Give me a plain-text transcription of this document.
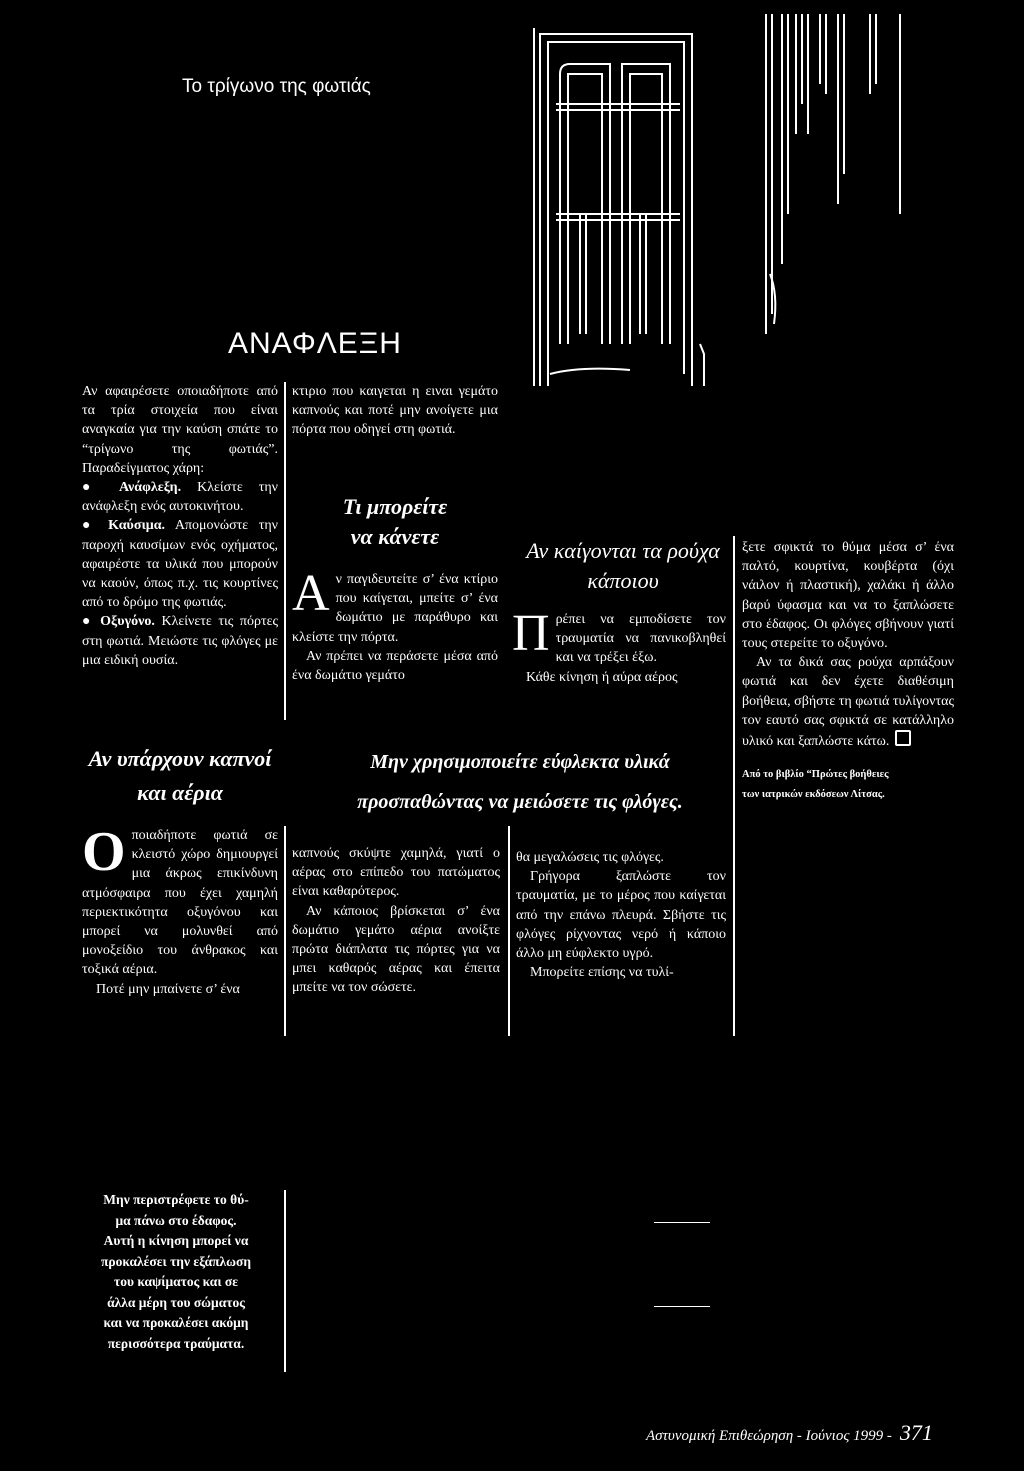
Το τρίγωνο της φωτιάς
ΑΝΑΦΛΕΞΗ
Αν αφαιρέσετε οποιαδήποτε από τα τρία στοιχεία που είναι αναγκαία για την καύση σπάτε το “τρίγωνο της φωτιάς”. Παραδείγματος χάρη:
● Ανάφλεξη. Κλείστε την ανάφλεξη ενός αυτοκινήτου.
● Καύσιμα. Απομονώστε την παροχή καυσίμων ενός οχήματος, αφαιρέστε τα υλικά που μπορούν να καούν, όπως π.χ. τις κουρτίνες από το δρόμο της φωτιάς.
● Οξυγόνο. Κλείνετε τις πόρτες στη φωτιά. Μειώστε τις φλόγες με μια ειδική ουσία.
Αν υπάρχουν καπνοί και αέρια
Ο ποιαδήποτε φωτιά σε κλειστό χώρο δημιουργεί μια άκρως επικίνδυνη ατμόσφαιρα που έχει χαμηλή περιεκτικότητα οξυγόνου και μπορεί να μολυνθεί από μονοξείδιο του άνθρακος και τοξικά αέρια.
Ποτέ μην μπαίνετε σ’ ένα
κτιριο που καιγεται η ειναι γεμάτο καπνούς και ποτέ μην ανοίγετε μια πόρτα που οδηγεί στη φωτιά.
Τι μπορείτε να κάνετε
Α ν παγιδευτείτε σ’ ένα κτίριο που καίγεται, μπείτε σ’ ένα δωμάτιο με παράθυρο και κλείστε την πόρτα.
Αν πρέπει να περάσετε μέσα από ένα δωμάτιο γεμάτο
Αν καίγονται τα ρούχα κάποιου
Π ρέπει να εμποδίσετε τον τραυματία να πανικοβληθεί και να τρέξει έξω.
Κάθε κίνηση ή αύρα αέρος
ξετε σφικτά το θύμα μέσα σ’ ένα παλτό, κουρτίνα, κουβέρτα (όχι νάιλον ή πλαστική), χαλάκι ή άλλο βαρύ ύφασμα και να το ξαπλώσετε στο έδαφος. Οι φλόγες σβήνουν γιατί τους στερείτε το οξυγόνο.
Αν τα δικά σας ρούχα αρπάξουν φωτιά και δεν έχετε διαθέσιμη βοήθεια, σβήστε τη φωτιά τυλίγοντας τον εαυτό σας σφικτά σε κατάλληλο υλικό και ξαπλώστε κάτω.
Από το βιβλίο “Πρώτες βοήθειες
των ιατρικών εκδόσεων Λίτσας.
Μην χρησιμοποιείτε εύφλεκτα υλικά
προσπαθώντας να μειώσετε τις φλόγες.
καπνούς σκύψτε χαμηλά, γιατί ο αέρας στο επίπεδο του πατώματος είναι καθαρότερος.
Αν κάποιος βρίσκεται σ’ ένα δωμάτιο γεμάτο αέρια ανοίξτε πρώτα διάπλατα τις πόρτες για να μπει καθαρός αέρας και έπειτα μπείτε να τον σώσετε.
θα μεγαλώσεις τις φλόγες.
Γρήγορα ξαπλώστε τον τραυματία, με το μέρος που καίγεται από την επάνω πλευρά. Σβήστε τις φλόγες ρίχνοντας νερό ή κάποιο άλλο μη εύφλεκτο υγρό.
Μπορείτε επίσης να τυλί-

Μην περιστρέφετε το θύ-

μα πάνω στο έδαφος.

Αυτή η κίνηση μπορεί να

προκαλέσει την εξάπλωση

του καψίματος και σε

άλλα μέρη του σώματος

και να προκαλέσει ακόμη

περισσότερα τραύματα.

Αστυνομική Επιθεώρηση - Ιούνιος 1999 - 371
